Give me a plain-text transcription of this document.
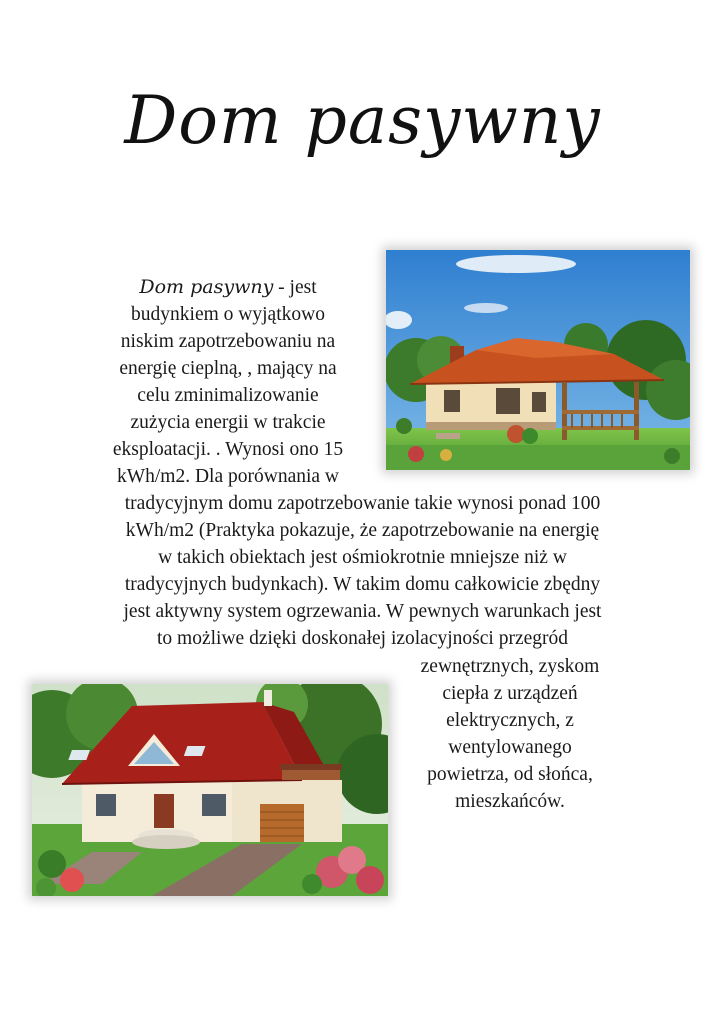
Dom pasywny
Dom pasywny - jest
budynkiem o wyjątkowo
niskim zapotrzebowaniu na
energię cieplną, , mający na
celu zminimalizowanie
zużycia energii w trakcie
eksploatacji. . Wynosi ono 15
kWh/m2. Dla porównania w
tradycyjnym domu zapotrzebowanie takie wynosi ponad 100
kWh/m2 (Praktyka pokazuje, że zapotrzebowanie na energię
w takich obiektach jest ośmiokrotnie mniejsze niż w
tradycyjnych budynkach). W takim domu całkowicie zbędny
jest aktywny system ogrzewania. W pewnych warunkach jest
to możliwe dzięki doskonałej izolacyjności przegród
zewnętrznych, zyskom
ciepła z urządzeń
elektrycznych, z
wentylowanego
powietrza, od słońca,
mieszkańców.
